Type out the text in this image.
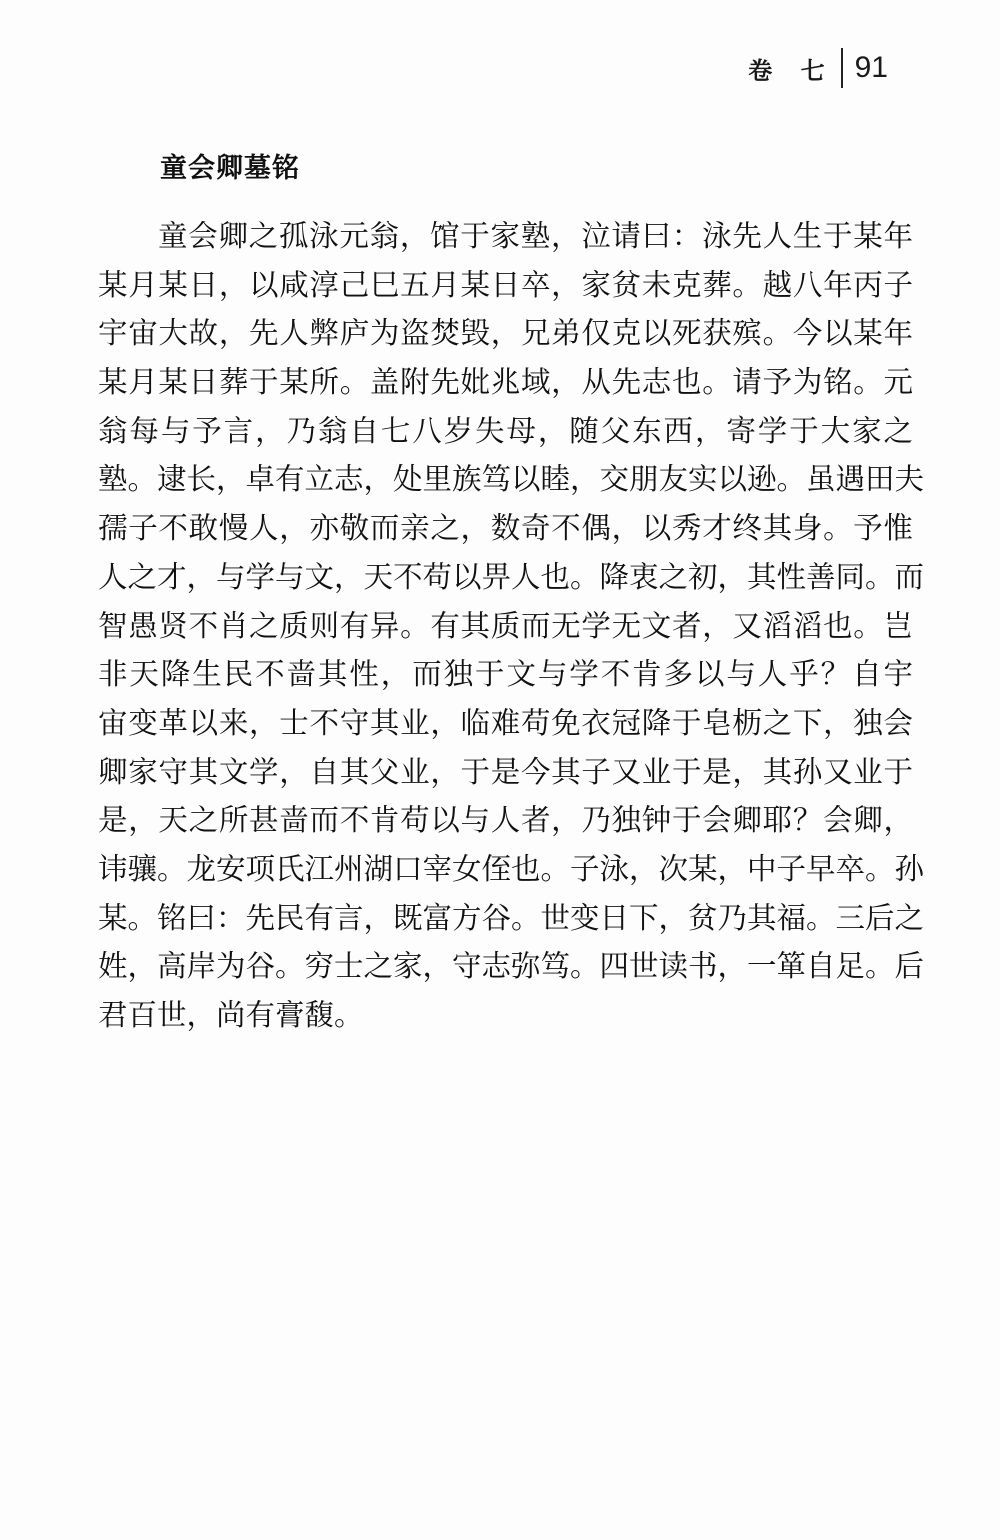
卷 七 91
童会卿墓铭
童会卿之孤泳元翁，馆于家塾，泣请曰：泳先人生于某年
某月某日，以咸淳己巳五月某日卒，家贫未克葬。越八年丙子
宇宙大故，先人弊庐为盗焚毁，兄弟仅克以死获殡。今以某年
某月某日葬于某所。盖附先妣兆域，从先志也。请予为铭。元
翁每与予言，乃翁自七八岁失母，随父东西，寄学于大家之
塾。逮长，卓有立志，处里族笃以睦，交朋友实以逊。虽遇田夫
孺子不敢慢人，亦敬而亲之，数奇不偶，以秀才终其身。予惟
人之才，与学与文，天不苟以畀人也。降衷之初，其性善同。而
智愚贤不肖之质则有异。有其质而无学无文者，又滔滔也。岂
非天降生民不啬其性，而独于文与学不肯多以与人乎？自宇
宙变革以来，士不守其业，临难苟免衣冠降于皂枥之下，独会
卿家守其文学，自其父业，于是今其子又业于是，其孙又业于
是，天之所甚啬而不肯苟以与人者，乃独钟于会卿耶？会卿，
讳骧。龙安项氏江州湖口宰女侄也。子泳，次某，中子早卒。孙
某。铭曰：先民有言，既富方谷。世变日下，贫乃其福。三后之
姓，高岸为谷。穷士之家，守志弥笃。四世读书，一箪自足。后
君百世，尚有膏馥。
